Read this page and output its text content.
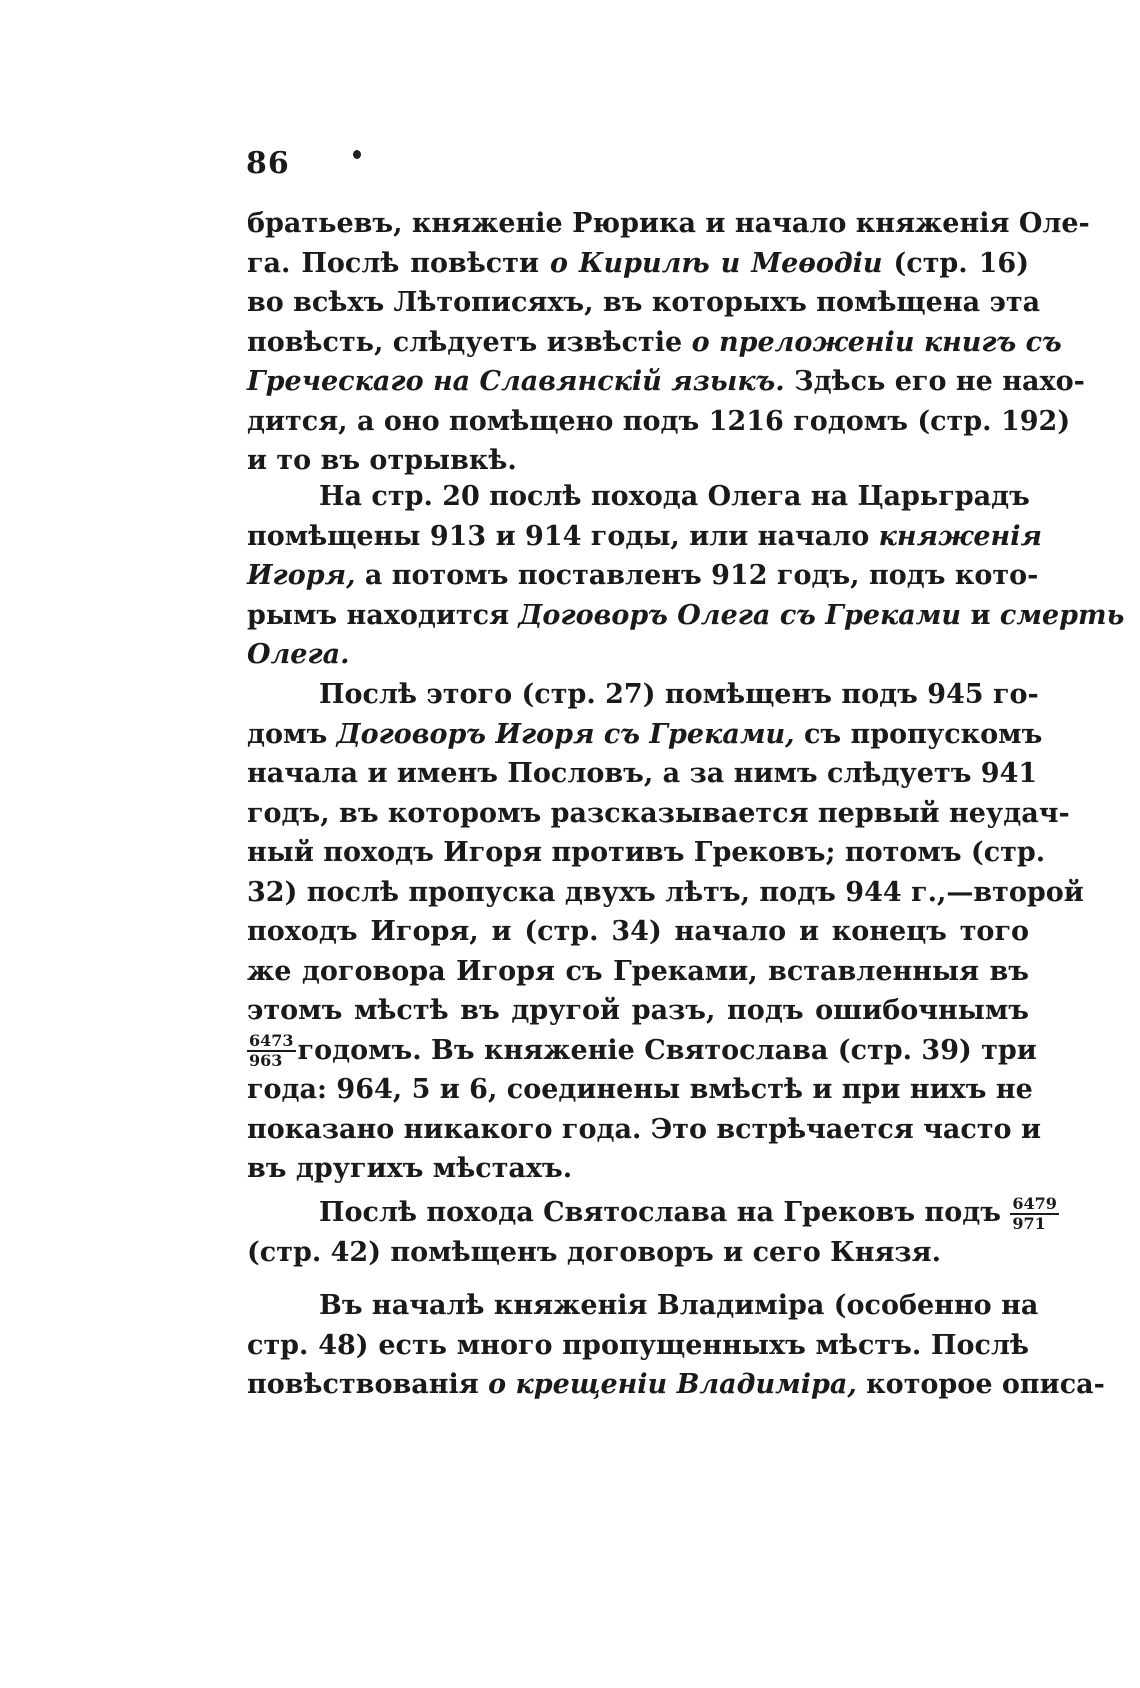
86
братьевъ, княженіе Рюрика и начало княженія Оле-
га. Послѣ повѣсти о Кирилѣ и Меѳодіи (стр. 16)
во всѣхъ Лѣтописяхъ, въ которыхъ помѣщена эта
повѣсть, слѣдуетъ извѣстіе о преложеніи книгъ съ
Греческаго на Славянскій языкъ. Здѣсь его не нахо-
дится, а оно помѣщено подъ 1216 годомъ (стр. 192)
и то въ отрывкѣ.
На стр. 20 послѣ похода Олега на Царьградъ
помѣщены 913 и 914 годы, или начало княженія
Игоря, а потомъ поставленъ 912 годъ, подъ кото-
рымъ находится Договоръ Олега съ Греками и смерть
Олега.
Послѣ этого (стр. 27) помѣщенъ подъ 945 го-
домъ Договоръ Игоря съ Греками, съ пропускомъ
начала и именъ Пословъ, а за нимъ слѣдуетъ 941
годъ, въ которомъ разсказывается первый неудач-
ный походъ Игоря противъ Грековъ; потомъ (стр.
32) послѣ пропуска двухъ лѣтъ, подъ 944 г.,—второй
походъ Игоря, и (стр. 34) начало и конецъ того
же договора Игоря съ Греками, вставленныя въ
этомъ мѣстѣ въ другой разъ, подъ ошибочнымъ
$\frac{6473}{963}$ годомъ. Въ княженіе Святослава (стр. 39) три
года: 964, 5 и 6, соединены вмѣстѣ и при нихъ не
показано никакого года. Это встрѣчается часто и
въ другихъ мѣстахъ.
Послѣ похода Святослава на Грековъ подъ $\frac{6479}{971}$
(стр. 42) помѣщенъ договоръ и сего Князя.
Въ началѣ княженія Владиміра (особенно на
стр. 48) есть много пропущенныхъ мѣстъ. Послѣ
повѣствованія о крещеніи Владиміра, которое описа-
